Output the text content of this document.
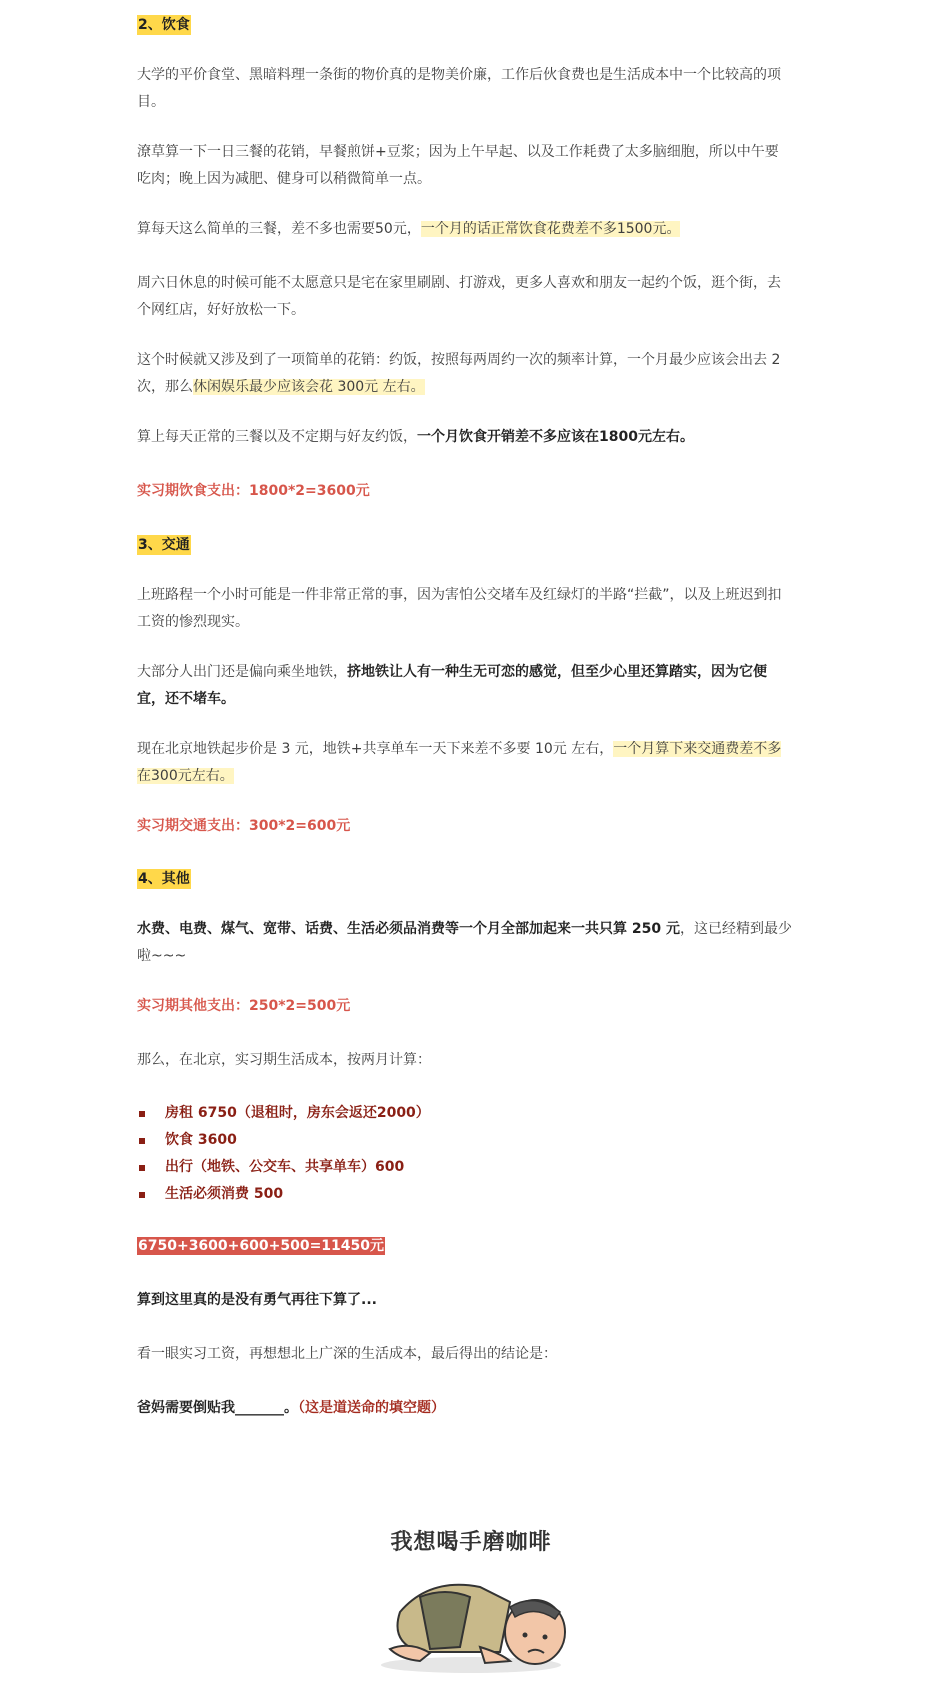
2、饮食

大学的平价食堂、黑暗料理一条街的物价真的是物美价廉，工作后伙食费也是生活成本中一个比较高的项目。

潦草算一下一日三餐的花销，早餐煎饼+豆浆；因为上午早起、以及工作耗费了太多脑细胞，所以中午要吃肉；晚上因为减肥、健身可以稍微简单一点。

算每天这么简单的三餐，差不多也需要50元，一个月的话正常饮食花费差不多1500元。

周六日休息的时候可能不太愿意只是宅在家里刷剧、打游戏，更多人喜欢和朋友一起约个饭，逛个街，去个网红店，好好放松一下。

这个时候就又涉及到了一项简单的花销：约饭，按照每两周约一次的频率计算，一个月最少应该会出去 2 次，那么休闲娱乐最少应该会花 300元 左右。

算上每天正常的三餐以及不定期与好友约饭，一个月饮食开销差不多应该在1800元左右。

实习期饮食支出：1800*2=3600元

3、交通

上班路程一个小时可能是一件非常正常的事，因为害怕公交堵车及红绿灯的半路“拦截”，以及上班迟到扣工资的惨烈现实。

大部分人出门还是偏向乘坐地铁，挤地铁让人有一种生无可恋的感觉，但至少心里还算踏实，因为它便宜，还不堵车。

现在北京地铁起步价是 3 元，地铁+共享单车一天下来差不多要 10元 左右，一个月算下来交通费差不多在300元左右。

实习期交通支出：300*2=600元

4、其他

水费、电费、煤气、宽带、话费、生活必须品消费等一个月全部加起来一共只算 250 元，这已经精到最少啦~~~

实习期其他支出：250*2=500元

那么，在北京，实习期生活成本，按两月计算：

房租 6750（退租时，房东会返还2000）
饮食 3600
出行（地铁、公交车、共享单车）600
生活必须消费 500
6750+3600+600+500=11450元

算到这里真的是没有勇气再往下算了...

看一眼实习工资，再想想北上广深的生活成本，最后得出的结论是：

爸妈需要倒贴我_______。（这是道送命的填空题）

我想喝手磨咖啡
